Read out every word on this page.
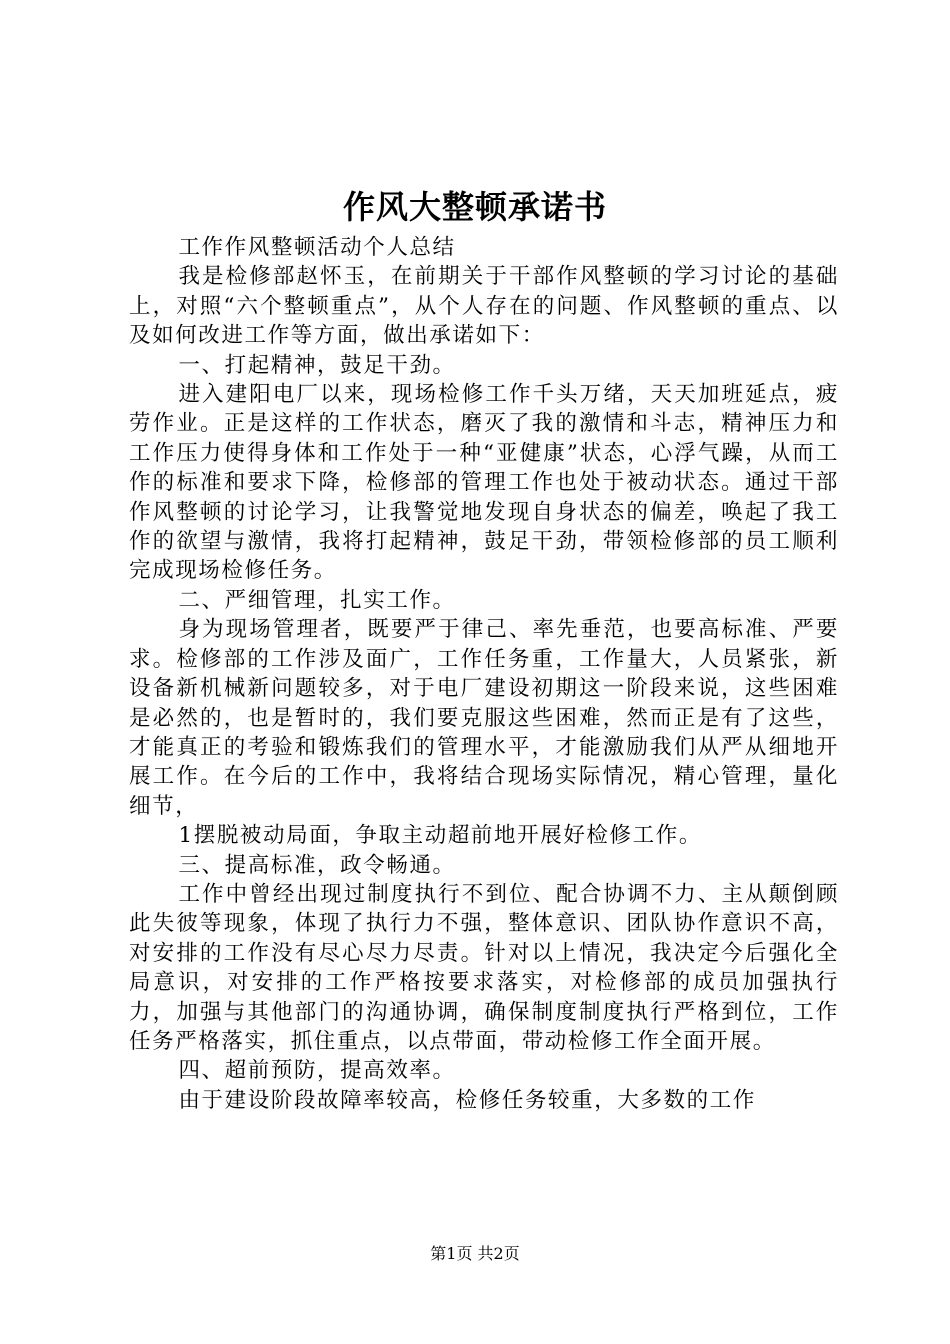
作风大整顿承诺书

工作作风整顿活动个人总结

我是检修部赵怀玉，在前期关于干部作风整顿的学习讨论的基础上，对照“六个整顿重点”，从个人存在的问题、作风整顿的重点、以及如何改进工作等方面，做出承诺如下：

一、打起精神，鼓足干劲。

进入建阳电厂以来，现场检修工作千头万绪，天天加班延点，疲劳作业。正是这样的工作状态，磨灭了我的激情和斗志，精神压力和工作压力使得身体和工作处于一种“亚健康”状态，心浮气躁，从而工作的标准和要求下降，检修部的管理工作也处于被动状态。通过干部作风整顿的讨论学习，让我警觉地发现自身状态的偏差，唤起了我工作的欲望与激情，我将打起精神，鼓足干劲，带领检修部的员工顺利完成现场检修任务。

二、严细管理，扎实工作。

身为现场管理者，既要严于律己、率先垂范，也要高标准、严要求。检修部的工作涉及面广，工作任务重，工作量大，人员紧张，新设备新机械新问题较多，对于电厂建设初期这一阶段来说，这些困难是必然的，也是暂时的，我们要克服这些困难，然而正是有了这些，才能真正的考验和锻炼我们的管理水平，才能激励我们从严从细地开展工作。在今后的工作中，我将结合现场实际情况，精心管理，量化细节，

1摆脱被动局面，争取主动超前地开展好检修工作。

三、提高标准，政令畅通。

工作中曾经出现过制度执行不到位、配合协调不力、主从颠倒顾此失彼等现象，体现了执行力不强，整体意识、团队协作意识不高，对安排的工作没有尽心尽力尽责。针对以上情况，我决定今后强化全局意识，对安排的工作严格按要求落实，对检修部的成员加强执行力，加强与其他部门的沟通协调，确保制度制度执行严格到位，工作任务严格落实，抓住重点，以点带面，带动检修工作全面开展。

四、超前预防，提高效率。

由于建设阶段故障率较高，检修任务较重，大多数的工作

第1页 共2页
